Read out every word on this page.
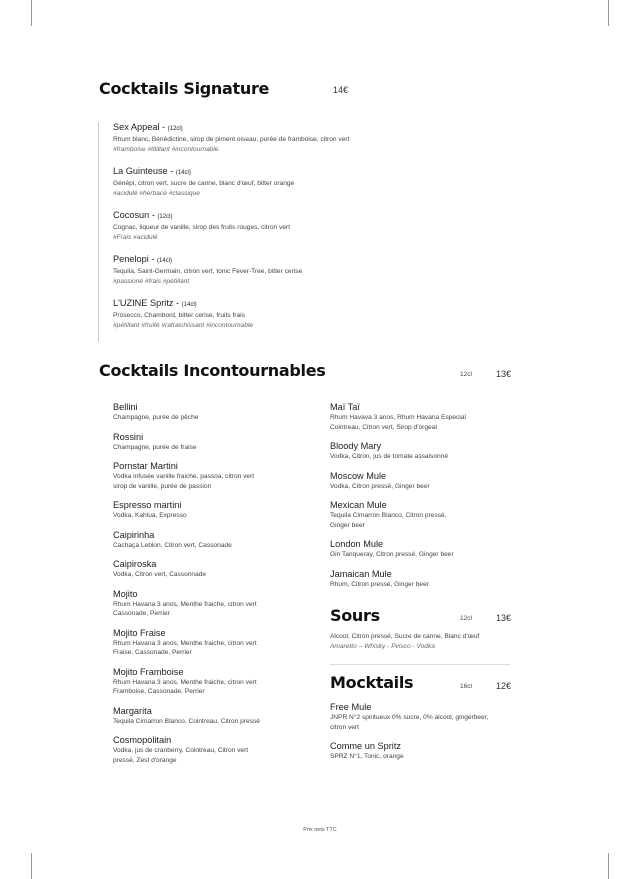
Cocktails Signature	14€
Sex Appeal - (12cl)
Rhum blanc, Bénédictine, sirop de piment oiseau, purée de framboise, citron vert
#framboise #titillant #incontournable
La Guinteuse - (14cl)
Génépi, citron vert, sucre de canne, blanc d'œuf, bitter orange
#acidulé #herbacé #classique
Cocosun - (12cl)
Cognac, liqueur de vanille, sirop des fruits rouges, citron vert
#Frais #acidulé
Penelopi - (14cl)
Tequila, Saint-Germain, citron vert, tonic Fever-Tree, bitter cerise
#passioné #frais #pétillant
L'UZINE Spritz - (14cl)
Prosecco, Chambord, bitter cerise, fruits frais
#pétillant #fruité #rafraichissant #incontournable
Cocktails Incontournables	12cl	13€
Bellini
Champagne, purée de pêche
Rossini
Champagne, purée de fraise
Pornstar Martini
Vodka infusée vanille fraiche, passoa, citron vert
sirop de vanille, purée de passion
Espresso martini
Vodka, Kahlua, Expresso
Caipirinha
Cachaça Leblon, Citron vert, Cassonade
Caipiroska
Vodka, Citron vert, Cassonnade
Mojito
Rhum Havana 3 anos, Menthe fraiche, citron vert
Cassonade, Perrier
Mojito Fraise
Rhum Havana 3 anos, Menthe fraiche, citron vert
Fraise, Cassonade, Perrier
Mojito Framboise
Rhum Havana 3 anos, Menthe fraiche, citron vert
Framboise, Cassonade, Perrier
Margarita
Tequila Cimarron Blanco, Cointreau, Citron pressé
Cosmopolitain
Vodka, jus de cranberry, Cointreau, Citron vert
pressé, Zest d'orange
Maï Taï
Rhum Havava 3 anos, Rhum Havana Especial
Cointreau, Citron vert, Sirop d'orgeat
Bloody Mary
Vodka, Citron, jus de tomate assaisonné
Moscow Mule
Vodka, Citron pressé, Ginger beer
Mexican Mule
Tequila Cimarron Blanco, Citron pressé,
Ginger beer
London Mule
Gin Tanqueray, Citron pressé, Ginger beer
Jamaican Mule
Rhum, Citron pressé, Ginger beer
Sours	12cl	13€
Alcool, Citron pressé, Sucre de canne, Blanc d'œuf
Amaretto – Whisky - Pvisco - Vodka
Mocktails	16cl	12€
Free Mule
JNPR N°2 spiritueux 0% sucre, 0% alcool, gingerbeer,
citron vert
Comme un Spritz
SPRZ N°1, Tonic, orange
Prix nets TTC
